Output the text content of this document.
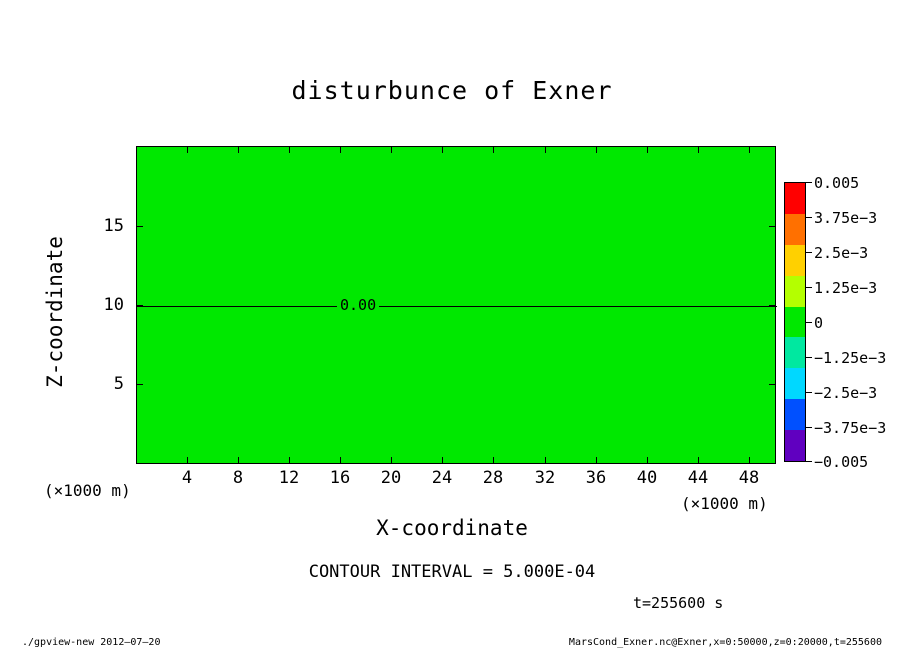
disturbunce of Exner
0.00
4	8	12	16	20	24	28	32	36	40	44	48
5
10
15
X-coordinate
Z-coordinate
(×1000 m)
(×1000 m)
0.005
3.75e−3
2.5e−3
1.25e−3
0
−1.25e−3
−2.5e−3
−3.75e−3
−0.005
CONTOUR INTERVAL = 5.000E-04
t=255600 s
./gpview-new 2012–07–20	MarsCond_Exner.nc@Exner,x=0:50000,z=0:20000,t=255600
